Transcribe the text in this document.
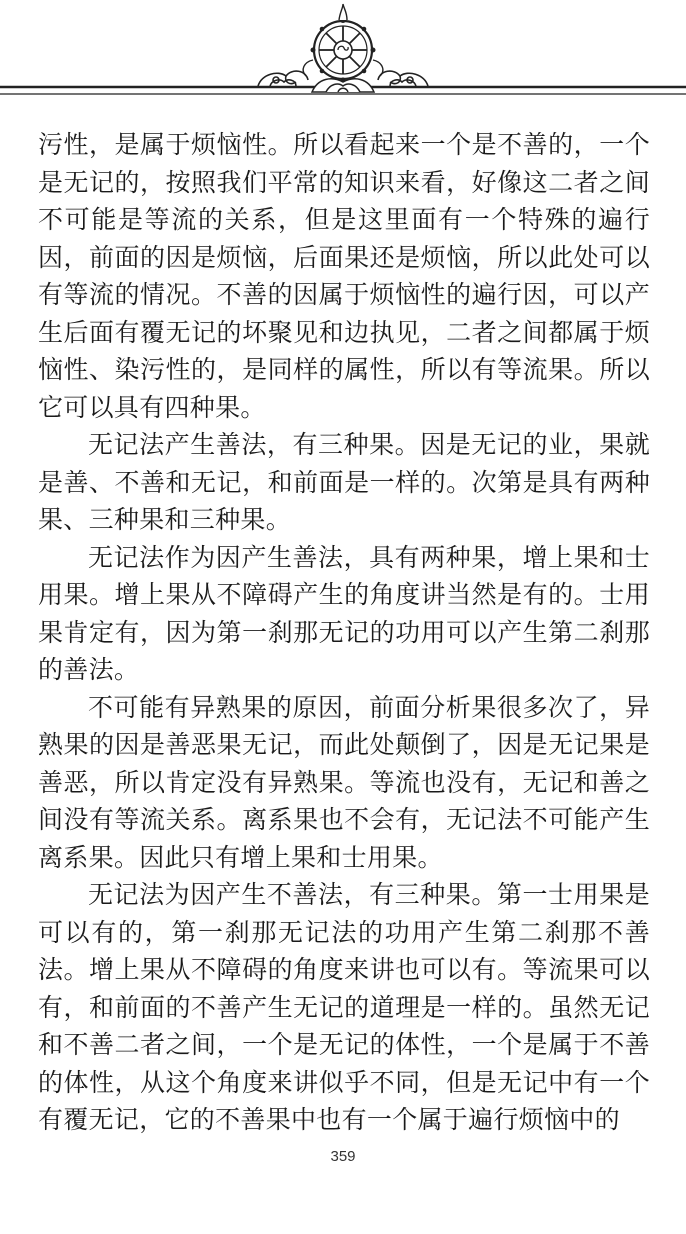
污性，是属于烦恼性。所以看起来一个是不善的，一个是无记的，按照我们平常的知识来看，好像这二者之间不可能是等流的关系，但是这里面有一个特殊的遍行因，前面的因是烦恼，后面果还是烦恼，所以此处可以有等流的情况。不善的因属于烦恼性的遍行因，可以产生后面有覆无记的坏聚见和边执见，二者之间都属于烦恼性、染污性的，是同样的属性，所以有等流果。所以它可以具有四种果。

无记法产生善法，有三种果。因是无记的业，果就是善、不善和无记，和前面是一样的。次第是具有两种果、三种果和三种果。

无记法作为因产生善法，具有两种果，增上果和士用果。增上果从不障碍产生的角度讲当然是有的。士用果肯定有，因为第一刹那无记的功用可以产生第二刹那的善法。

不可能有异熟果的原因，前面分析果很多次了，异熟果的因是善恶果无记，而此处颠倒了，因是无记果是善恶，所以肯定没有异熟果。等流也没有，无记和善之间没有等流关系。离系果也不会有，无记法不可能产生离系果。因此只有增上果和士用果。

无记法为因产生不善法，有三种果。第一士用果是可以有的，第一刹那无记法的功用产生第二刹那不善法。增上果从不障碍的角度来讲也可以有。等流果可以有，和前面的不善产生无记的道理是一样的。虽然无记和不善二者之间，一个是无记的体性，一个是属于不善的体性，从这个角度来讲似乎不同，但是无记中有一个有覆无记，它的不善果中也有一个属于遍行烦恼中的

359
